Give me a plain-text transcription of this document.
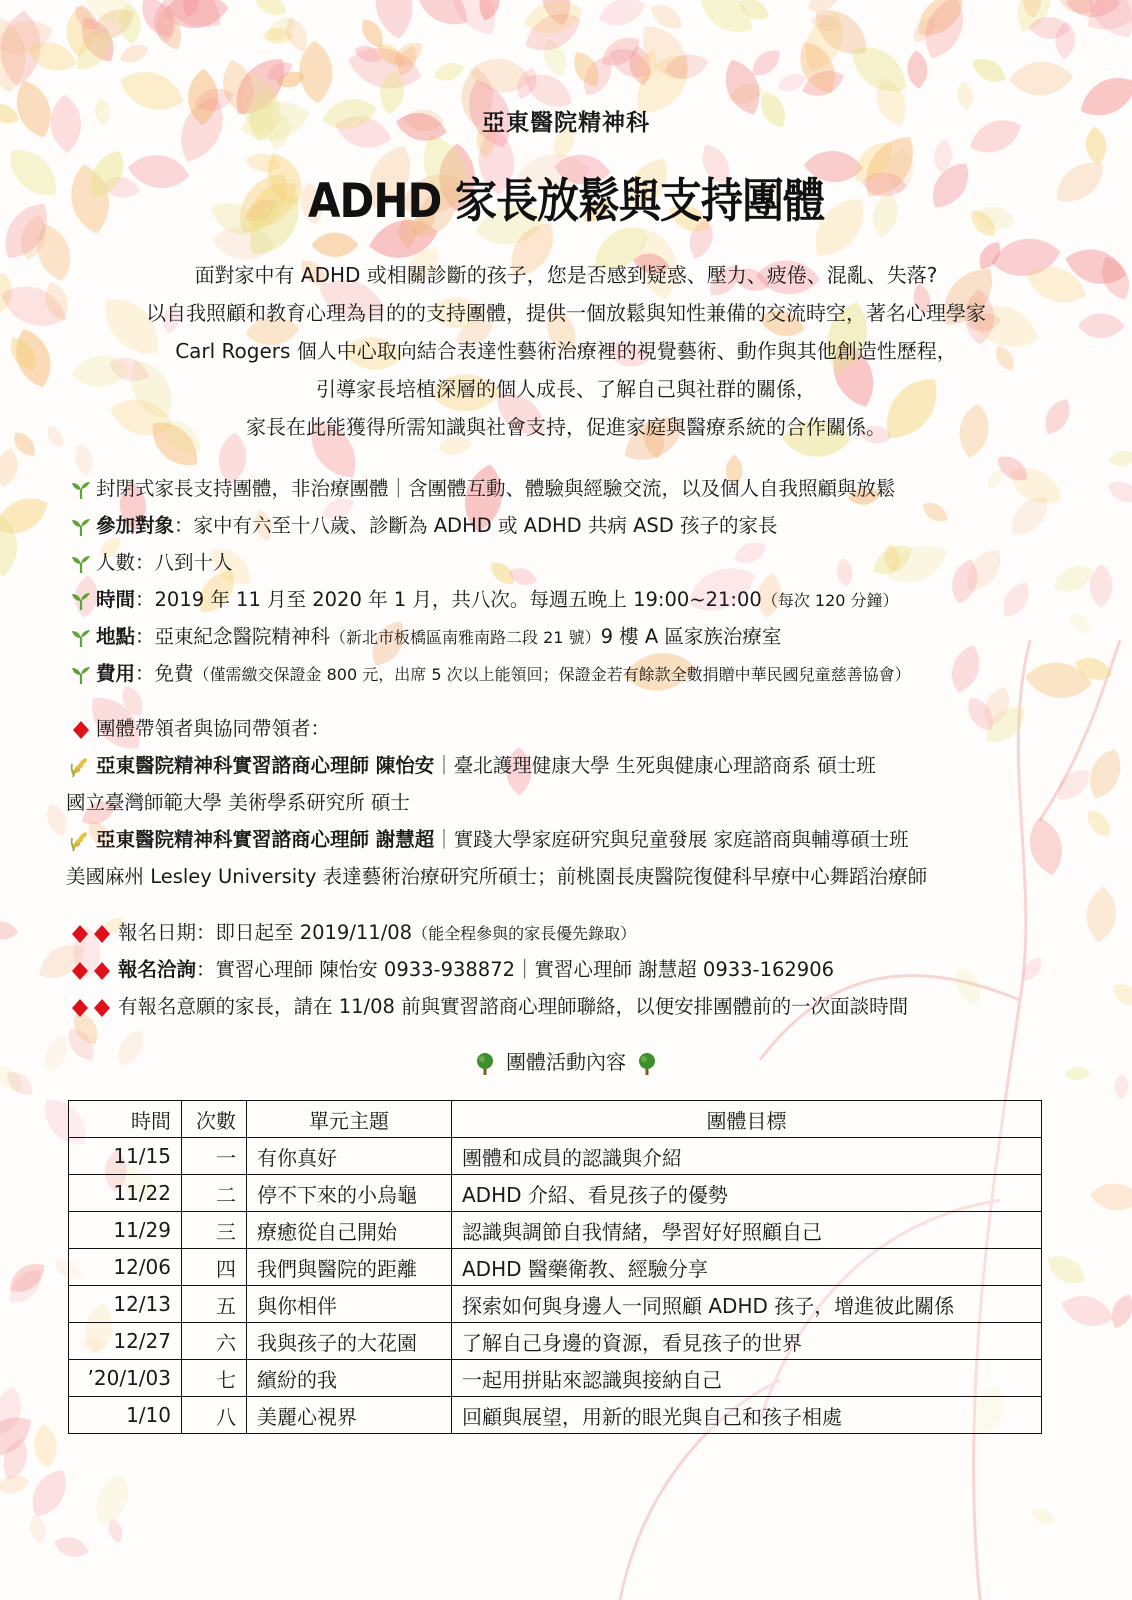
亞東醫院精神科
ADHD 家長放鬆與支持團體
面對家中有 ADHD 或相關診斷的孩子，您是否感到疑惑、壓力、疲倦、混亂、失落?
以自我照顧和教育心理為目的的支持團體，提供一個放鬆與知性兼備的交流時空，著名心理學家
Carl Rogers 個人中心取向結合表達性藝術治療裡的視覺藝術、動作與其他創造性歷程，
引導家長培植深層的個人成長、了解自己與社群的關係，
家長在此能獲得所需知識與社會支持，促進家庭與醫療系統的合作關係。
封閉式家長支持團體，非治療團體｜含團體互動、體驗與經驗交流，以及個人自我照顧與放鬆
參加對象：家中有六至十八歲、診斷為 ADHD 或 ADHD 共病 ASD 孩子的家長
人數：八到十人
時間：2019 年 11 月至 2020 年 1 月，共八次。每週五晚上 19:00~21:00（每次 120 分鐘）
地點：亞東紀念醫院精神科（新北市板橋區南雅南路二段 21 號）9 樓 A 區家族治療室
費用：免費（僅需繳交保證金 800 元，出席 5 次以上能領回；保證金若有餘款全數捐贈中華民國兒童慈善協會）
團體帶領者與協同帶領者：
亞東醫院精神科實習諮商心理師 陳怡安｜臺北護理健康大學 生死與健康心理諮商系 碩士班
國立臺灣師範大學 美術學系研究所 碩士
亞東醫院精神科實習諮商心理師 謝慧超｜實踐大學家庭研究與兒童發展 家庭諮商與輔導碩士班
美國麻州 Lesley University 表達藝術治療研究所碩士；前桃園長庚醫院復健科早療中心舞蹈治療師
報名日期：即日起至 2019/11/08（能全程參與的家長優先錄取）
報名洽詢：實習心理師 陳怡安 0933-938872｜實習心理師 謝慧超 0933-162906
有報名意願的家長，請在 11/08 前與實習諮商心理師聯絡，以便安排團體前的一次面談時間
團體活動內容
時間	次數	單元主題	團體目標
11/15	一	有你真好	團體和成員的認識與介紹
11/22	二	停不下來的小烏龜	ADHD 介紹、看見孩子的優勢
11/29	三	療癒從自己開始	認識與調節自我情緒，學習好好照顧自己
12/06	四	我們與醫院的距離	ADHD 醫藥衛教、經驗分享
12/13	五	與你相伴	探索如何與身邊人一同照顧 ADHD 孩子，增進彼此關係
12/27	六	我與孩子的大花園	了解自己身邊的資源，看見孩子的世界
’20/1/03	七	繽紛的我	一起用拼貼來認識與接納自己
1/10	八	美麗心視界	回顧與展望，用新的眼光與自己和孩子相處
